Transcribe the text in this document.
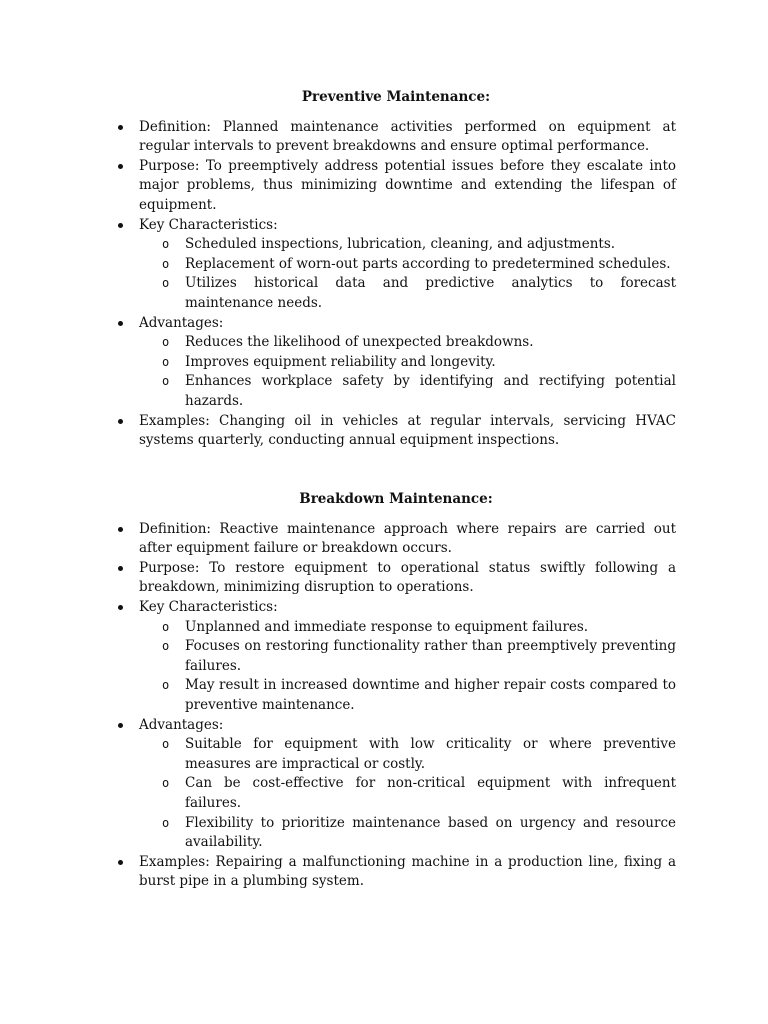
Preventive Maintenance:
Definition: Planned maintenance activities performed on equipment at regular intervals to prevent breakdowns and ensure optimal performance.
Purpose: To preemptively address potential issues before they escalate into major problems, thus minimizing downtime and extending the lifespan of equipment.
Key Characteristics:
o Scheduled inspections, lubrication, cleaning, and adjustments.
o Replacement of worn-out parts according to predetermined schedules.
o Utilizes historical data and predictive analytics to forecast maintenance needs.
Advantages:
o Reduces the likelihood of unexpected breakdowns.
o Improves equipment reliability and longevity.
o Enhances workplace safety by identifying and rectifying potential hazards.
Examples: Changing oil in vehicles at regular intervals, servicing HVAC systems quarterly, conducting annual equipment inspections.
Breakdown Maintenance:
Definition: Reactive maintenance approach where repairs are carried out after equipment failure or breakdown occurs.
Purpose: To restore equipment to operational status swiftly following a breakdown, minimizing disruption to operations.
Key Characteristics:
o Unplanned and immediate response to equipment failures.
o Focuses on restoring functionality rather than preemptively preventing failures.
o May result in increased downtime and higher repair costs compared to preventive maintenance.
Advantages:
o Suitable for equipment with low criticality or where preventive measures are impractical or costly.
o Can be cost-effective for non-critical equipment with infrequent failures.
o Flexibility to prioritize maintenance based on urgency and resource availability.
Examples: Repairing a malfunctioning machine in a production line, fixing a burst pipe in a plumbing system.
